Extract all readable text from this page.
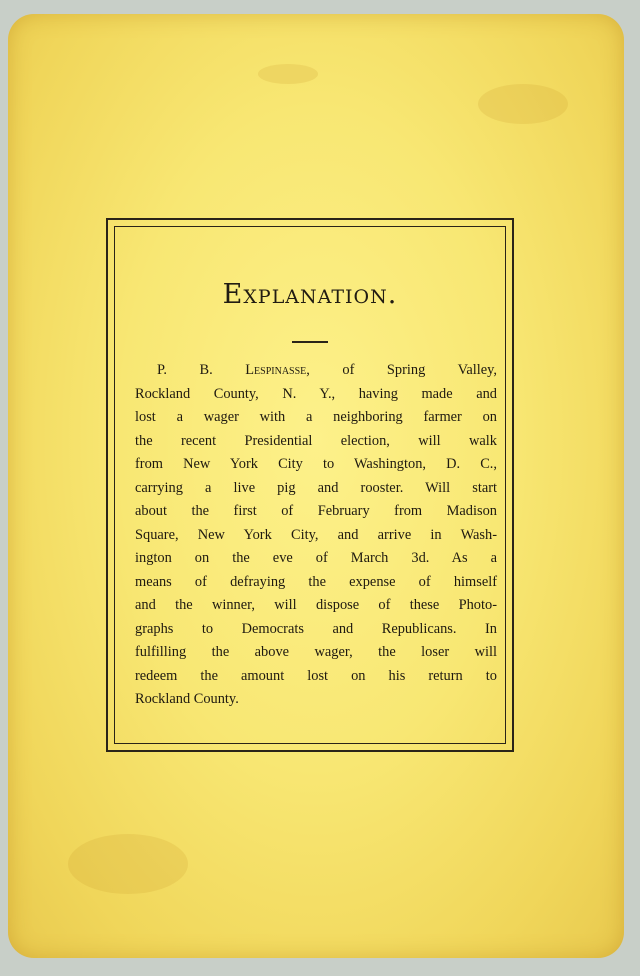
Explanation.
P. B. Lespinasse, of Spring Valley,
Rockland County, N. Y., having made and
lost a wager with a neighboring farmer on
the recent Presidential election, will walk
from New York City to Washington, D. C.,
carrying a live pig and rooster. Will start
about the first of February from Madison
Square, New York City, and arrive in Wash-
ington on the eve of March 3d. As a
means of defraying the expense of himself
and the winner, will dispose of these Photo-
graphs to Democrats and Republicans. In
fulfilling the above wager, the loser will
redeem the amount lost on his return to
Rockland County.
